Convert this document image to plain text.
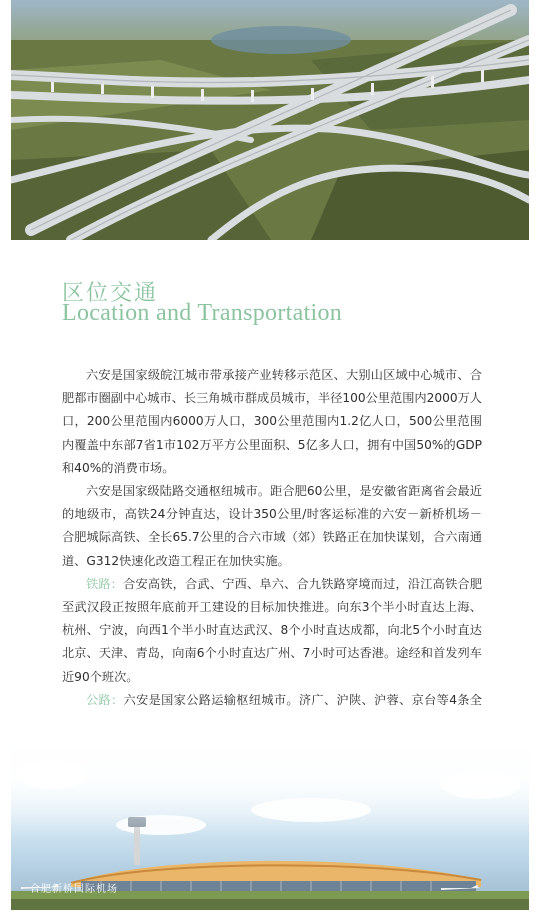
区位交通
Location and Transportation

六安是国家级皖江城市带承接产业转移示范区、大别山区域中心城市、合肥都市圈副中心城市、长三角城市群成员城市，半径100公里范围内2000万人口，200公里范围内6000万人口，300公里范围内1.2亿人口，500公里范围内覆盖中东部7省1市102万平方公里面积、5亿多人口，拥有中国50%的GDP和40%的消费市场。

六安是国家级陆路交通枢纽城市。距合肥60公里，是安徽省距离省会最近的地级市，高铁24分钟直达，设计350公里/时客运标准的六安－新桥机场－合肥城际高铁、全长65.7公里的合六市域（郊）铁路正在加快谋划，合六南通道、G312快速化改造工程正在加快实施。

铁路：合安高铁，合武、宁西、阜六、合九铁路穿境而过，沿江高铁合肥至武汉段正按照年底前开工建设的目标加快推进。向东3个半小时直达上海、杭州、宁波，向西1个半小时直达武汉、8个小时直达成都，向北5个小时直达北京、天津、青岛，向南6个小时直达广州、7小时可达香港。途经和首发列车近90个班次。

公路：六安是国家公路运输枢纽城市。济广、沪陕、沪蓉、京台等4条全

合肥新桥国际机场
